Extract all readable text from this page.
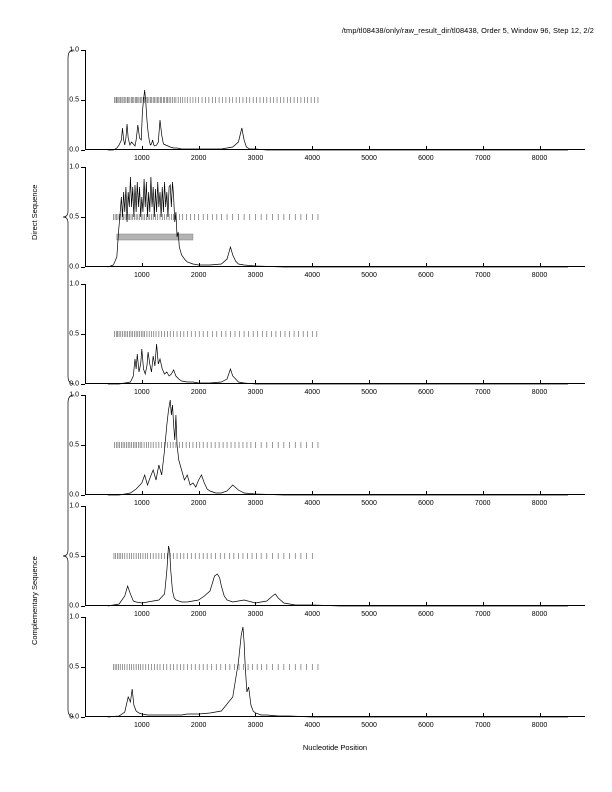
/tmp/tl08438/only/raw_result_dir/tl08438, Order 5, Window 96, Step 12, 2/2
0.0
0.5
1.0
1000	2000	3000	4000	5000	6000	7000	8000
0.0
0.5
1.0
1000	2000	3000	4000	5000	6000	7000	8000
0.0
0.5
1.0
1000	2000	3000	4000	5000	6000	7000	8000
0.0
0.5
1.0
1000	2000	3000	4000	5000	6000	7000	8000
0.0
0.5
1.0
1000	2000	3000	4000	5000	6000	7000	8000
0.0
0.5
1.0
1000	2000	3000	4000	5000	6000	7000	8000
Direct Sequence
Complementary Sequence
Nucleotide Position
